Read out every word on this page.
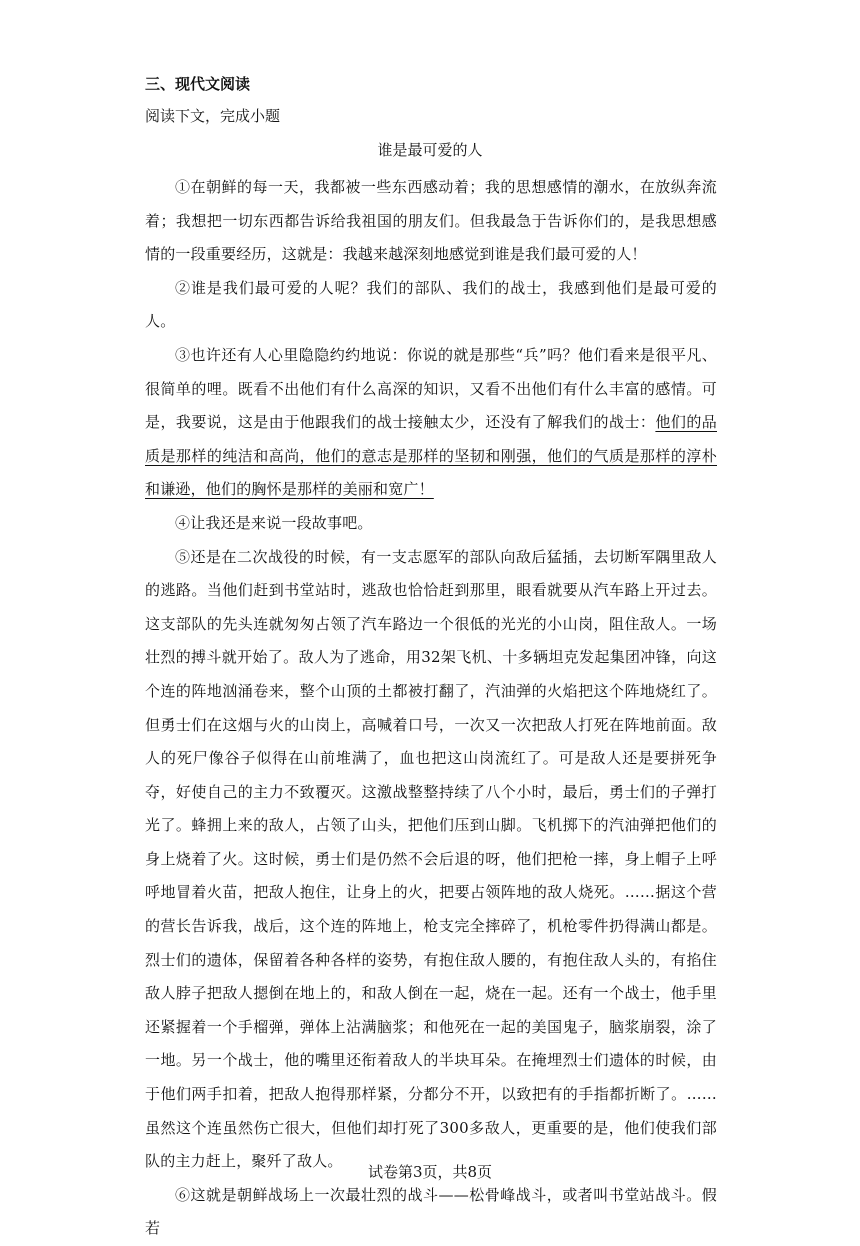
三、现代文阅读
阅读下文，完成小题
谁是最可爱的人

①在朝鲜的每一天，我都被一些东西感动着；我的思想感情的潮水，在放纵奔流着；我想把一切东西都告诉给我祖国的朋友们。但我最急于告诉你们的，是我思想感情的一段重要经历，这就是：我越来越深刻地感觉到谁是我们最可爱的人！

②谁是我们最可爱的人呢？我们的部队、我们的战士，我感到他们是最可爱的人。

③也许还有人心里隐隐约约地说：你说的就是那些“兵”吗？他们看来是很平凡、很简单的哩。既看不出他们有什么高深的知识，又看不出他们有什么丰富的感情。可是，我要说，这是由于他跟我们的战士接触太少，还没有了解我们的战士：他们的品质是那样的纯洁和高尚，他们的意志是那样的坚韧和刚强，他们的气质是那样的淳朴和谦逊，他们的胸怀是那样的美丽和宽广！

④让我还是来说一段故事吧。

⑤还是在二次战役的时候，有一支志愿军的部队向敌后猛插，去切断军隅里敌人的逃路。当他们赶到书堂站时，逃敌也恰恰赶到那里，眼看就要从汽车路上开过去。这支部队的先头连就匆匆占领了汽车路边一个很低的光光的小山岗，阻住敌人。一场壮烈的搏斗就开始了。敌人为了逃命，用32架飞机、十多辆坦克发起集团冲锋，向这个连的阵地汹涌卷来，整个山顶的土都被打翻了，汽油弹的火焰把这个阵地烧红了。但勇士们在这烟与火的山岗上，高喊着口号，一次又一次把敌人打死在阵地前面。敌人的死尸像谷子似得在山前堆满了，血也把这山岗流红了。可是敌人还是要拼死争夺，好使自己的主力不致覆灭。这激战整整持续了八个小时，最后，勇士们的子弹打光了。蜂拥上来的敌人，占领了山头，把他们压到山脚。飞机掷下的汽油弹把他们的身上烧着了火。这时候，勇士们是仍然不会后退的呀，他们把枪一摔，身上帽子上呼呼地冒着火苗，把敌人抱住，让身上的火，把要占领阵地的敌人烧死。……据这个营的营长告诉我，战后，这个连的阵地上，枪支完全摔碎了，机枪零件扔得满山都是。烈士们的遗体，保留着各种各样的姿势，有抱住敌人腰的，有抱住敌人头的，有掐住敌人脖子把敌人摁倒在地上的，和敌人倒在一起，烧在一起。还有一个战士，他手里还紧握着一个手榴弹，弹体上沾满脑浆；和他死在一起的美国鬼子，脑浆崩裂，涂了一地。另一个战士，他的嘴里还衔着敌人的半块耳朵。在掩埋烈士们遗体的时候，由于他们两手扣着，把敌人抱得那样紧，分都分不开，以致把有的手指都折断了。……虽然这个连虽然伤亡很大，但他们却打死了300多敌人，更重要的是，他们使我们部队的主力赶上，聚歼了敌人。

⑥这就是朝鲜战场上一次最壮烈的战斗——松骨峰战斗，或者叫书堂站战斗。假若

试卷第3页，共8页
